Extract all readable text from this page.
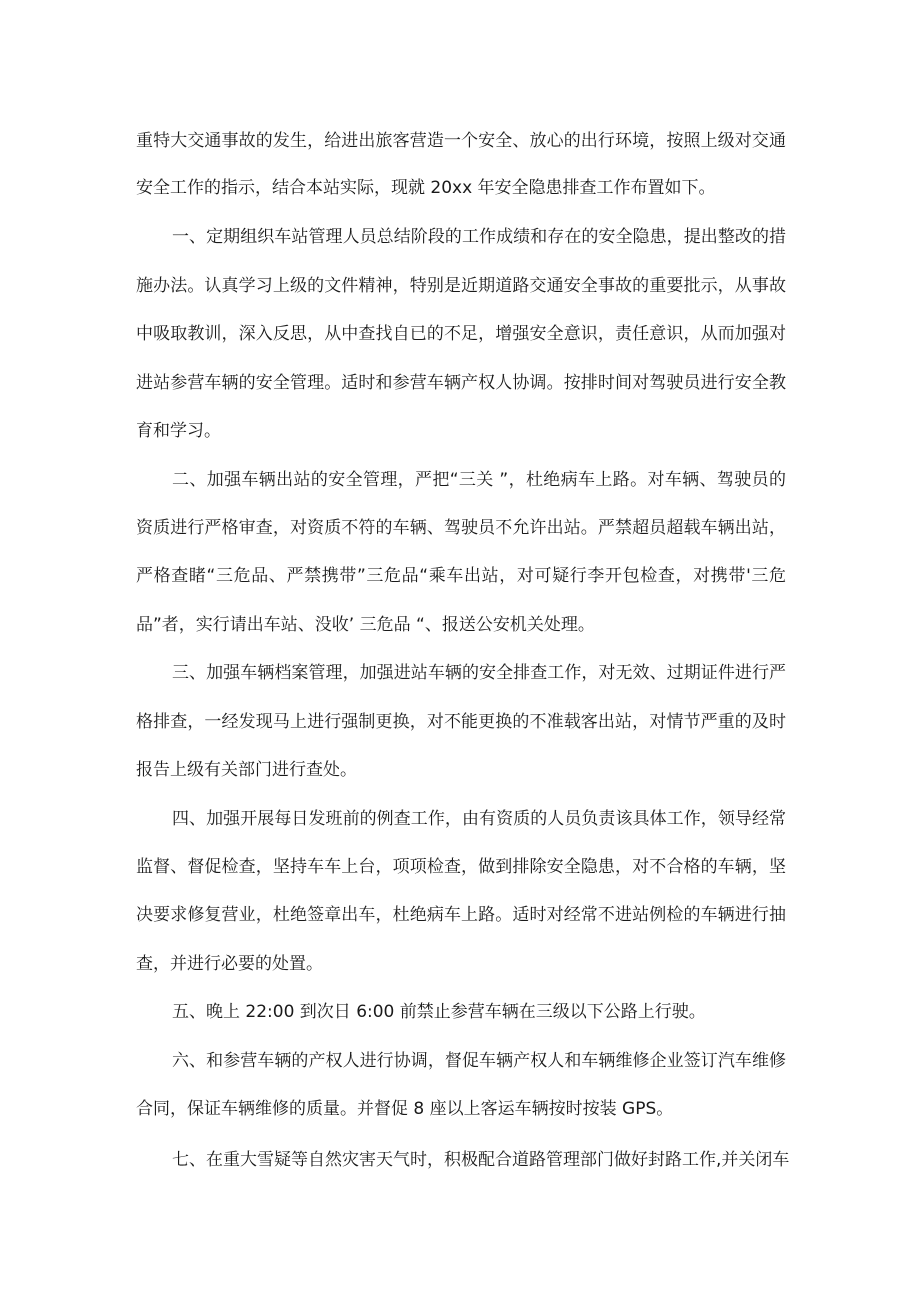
重特大交通事故的发生，给进出旅客营造一个安全、放心的出行环境，按照上级对交通

安全工作的指示，结合本站实际，现就 20xx 年安全隐患排查工作布置如下。

一、定期组织车站管理人员总结阶段的工作成绩和存在的安全隐患，提出整改的措

施办法。认真学习上级的文件精神，特别是近期道路交通安全事故的重要批示，从事故

中吸取教训，深入反思，从中查找自已的不足，增强安全意识，责任意识，从而加强对

进站参营车辆的安全管理。适时和参营车辆产权人协调。按排时间对驾驶员进行安全教

育和学习。

二、加强车辆出站的安全管理，严把“三关 ”，杜绝病车上路。对车辆、驾驶员的

资质进行严格审查，对资质不符的车辆、驾驶员不允许出站。严禁超员超载车辆出站，

严格查睹“三危品、严禁携带”三危品“乘车出站，对可疑行李开包检查，对携带'三危

品”者，实行请出车站、没收’ 三危品 “、报送公安机关处理。

三、加强车辆档案管理，加强进站车辆的安全排查工作，对无效、过期证件进行严

格排查，一经发现马上进行强制更换，对不能更换的不准载客出站，对情节严重的及时

报告上级有关部门进行查处。

四、加强开展每日发班前的例查工作，由有资质的人员负责该具体工作，领导经常

监督、督促检查，坚持车车上台，项项检查，做到排除安全隐患，对不合格的车辆，坚

决要求修复营业，杜绝签章出车，杜绝病车上路。适时对经常不进站例检的车辆进行抽

查，并进行必要的处置。

五、晚上 22:00 到次日 6:00 前禁止参营车辆在三级以下公路上行驶。

六、和参营车辆的产权人进行协调，督促车辆产权人和车辆维修企业签订汽车维修

合同，保证车辆维修的质量。并督促 8 座以上客运车辆按时按装 GPS。

七、在重大雪疑等自然灾害天气时，积极配合道路管理部门做好封路工作,并关闭车
